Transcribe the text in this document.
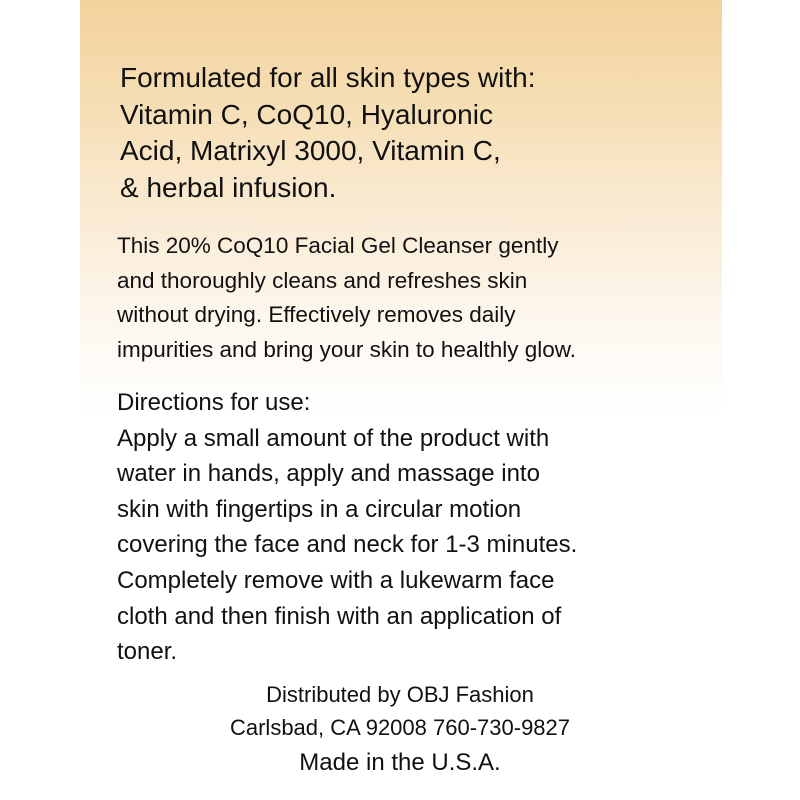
Formulated for all skin types with:
Vitamin C, CoQ10, Hyaluronic
Acid, Matrixyl 3000, Vitamin C,
& herbal infusion.
This 20% CoQ10 Facial Gel Cleanser gently
and thoroughly cleans and refreshes skin
without drying. Effectively removes daily
impurities and bring your skin to healthly glow.
Directions for use:
Apply a small amount of the product with
water in hands, apply and massage into
skin with fingertips in a circular motion
covering the face and neck for 1-3 minutes.
Completely remove with a lukewarm face
cloth and then finish with an application of
toner.
Distributed by OBJ Fashion
Carlsbad, CA 92008 760-730-9827
Made in the U.S.A.
